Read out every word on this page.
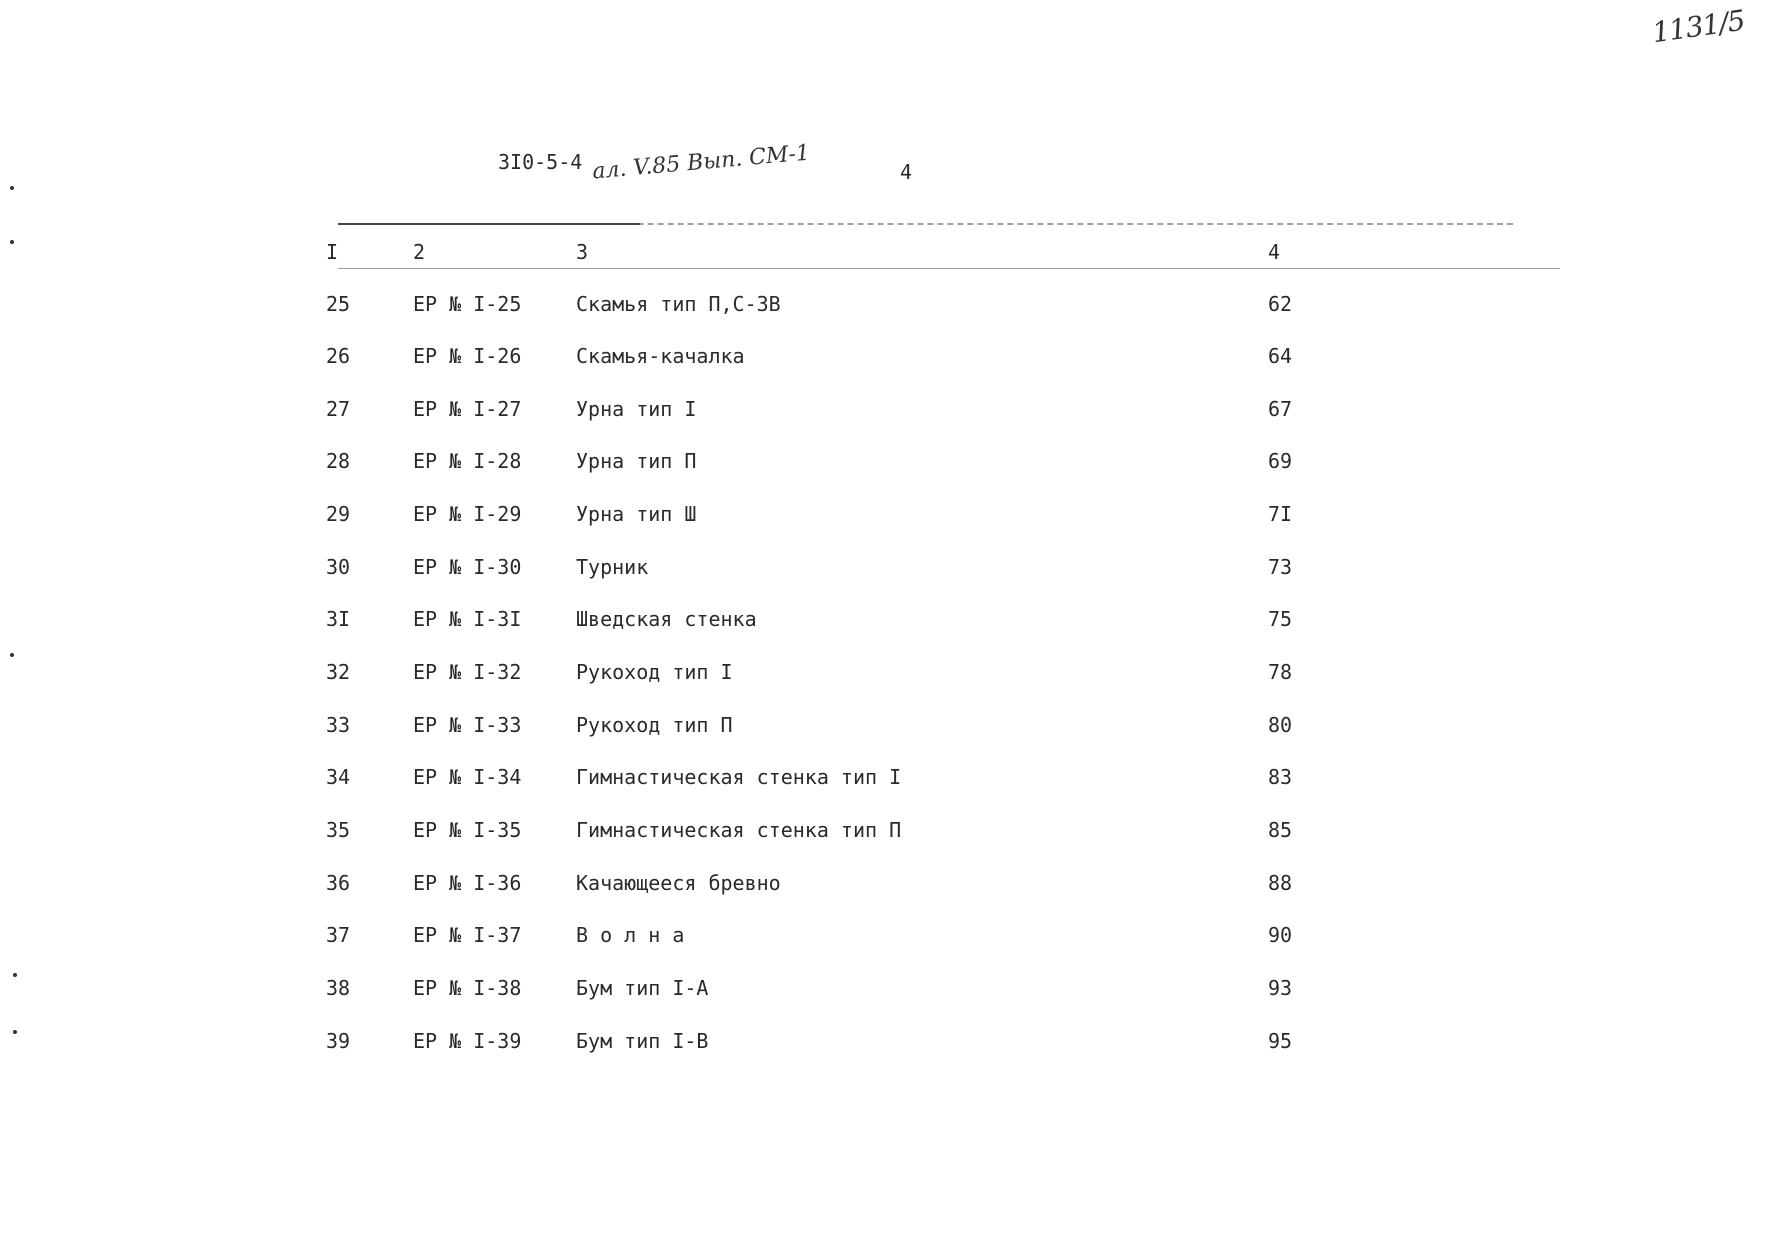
1131/5
3I0-5-4 ал. V.85 Вып. СМ-1	4
I	2	3	4
25	ЕР № I-25	Скамья тип П,С-3В	62
26	ЕР № I-26	Скамья-качалка	64
27	ЕР № I-27	Урна тип I	67
28	ЕР № I-28	Урна тип П	69
29	ЕР № I-29	Урна тип Ш	7I
30	ЕР № I-30	Турник	73
3I	ЕР № I-3I	Шведская стенка	75
32	ЕР № I-32	Рукоход тип I	78
33	ЕР № I-33	Рукоход тип П	80
34	ЕР № I-34	Гимнастическая стенка тип I	83
35	ЕР № I-35	Гимнастическая стенка тип П	85
36	ЕР № I-36	Качающееся бревно	88
37	ЕР № I-37	В о л н а	90
38	ЕР № I-38	Бум тип I-А	93
39	ЕР № I-39	Бум тип I-В	95
